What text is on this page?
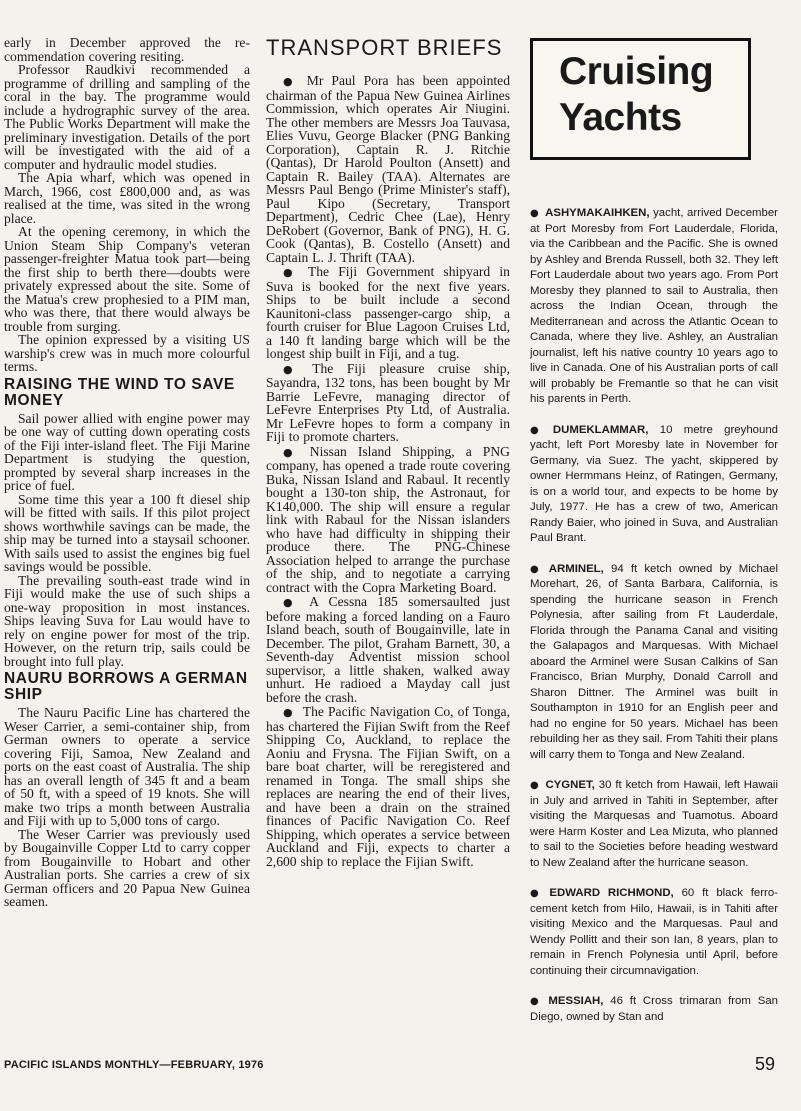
early in December approved the re-commendation covering resiting.

Professor Raudkivi recommended a programme of drilling and sampling of the coral in the bay. The programme would include a hydrographic survey of the area. The Public Works Department will make the preliminary investigation. Details of the port will be investigated with the aid of a computer and hydraulic model studies.

The Apia wharf, which was opened in March, 1966, cost £800,000 and, as was realised at the time, was sited in the wrong place.

At the opening ceremony, in which the Union Steam Ship Company's veteran passenger-freighter Matua took part—being the first ship to berth there—doubts were privately expressed about the site. Some of the Matua's crew prophesied to a PIM man, who was there, that there would always be trouble from surging.

The opinion expressed by a visiting US warship's crew was in much more colourful terms.

RAISING THE WIND TO SAVE MONEY

Sail power allied with engine power may be one way of cutting down operating costs of the Fiji inter-island fleet. The Fiji Marine Department is studying the question, prompted by several sharp increases in the price of fuel.

Some time this year a 100 ft diesel ship will be fitted with sails. If this pilot project shows worthwhile savings can be made, the ship may be turned into a staysail schooner. With sails used to assist the engines big fuel savings would be possible.

The prevailing south-east trade wind in Fiji would make the use of such ships a one-way proposition in most instances. Ships leaving Suva for Lau would have to rely on engine power for most of the trip. However, on the return trip, sails could be brought into full play.

NAURU BORROWS A GERMAN SHIP

The Nauru Pacific Line has chartered the Weser Carrier, a semi-container ship, from German owners to operate a service covering Fiji, Samoa, New Zealand and ports on the east coast of Australia. The ship has an overall length of 345 ft and a beam of 50 ft, with a speed of 19 knots. She will make two trips a month between Australia and Fiji with up to 5,000 tons of cargo.

The Weser Carrier was previously used by Bougainville Copper Ltd to carry copper from Bougainville to Hobart and other Australian ports. She carries a crew of six German officers and 20 Papua New Guinea seamen.

TRANSPORT BRIEFS

● Mr Paul Pora has been appointed chairman of the Papua New Guinea Airlines Commission, which operates Air Niugini. The other members are Messrs Joa Tauvasa, Elies Vuvu, George Blacker (PNG Banking Corporation), Captain R. J. Ritchie (Qantas), Dr Harold Poulton (Ansett) and Captain R. Bailey (TAA). Alternates are Messrs Paul Bengo (Prime Minister's staff), Paul Kipo (Secretary, Transport Department), Cedric Chee (Lae), Henry DeRobert (Governor, Bank of PNG), H. G. Cook (Qantas), B. Costello (Ansett) and Captain L. J. Thrift (TAA).

● The Fiji Government shipyard in Suva is booked for the next five years. Ships to be built include a second Kaunitoni-class passenger-cargo ship, a fourth cruiser for Blue Lagoon Cruises Ltd, a 140 ft landing barge which will be the longest ship built in Fiji, and a tug.

● The Fiji pleasure cruise ship, Sayandra, 132 tons, has been bought by Mr Barrie LeFevre, managing director of LeFevre Enterprises Pty Ltd, of Australia. Mr LeFevre hopes to form a company in Fiji to promote charters.

● Nissan Island Shipping, a PNG company, has opened a trade route covering Buka, Nissan Island and Rabaul. It recently bought a 130-ton ship, the Astronaut, for K140,000. The ship will ensure a regular link with Rabaul for the Nissan islanders who have had difficulty in shipping their produce there. The PNG-Chinese Association helped to arrange the purchase of the ship, and to negotiate a carrying contract with the Copra Marketing Board.

● A Cessna 185 somersaulted just before making a forced landing on a Fauro Island beach, south of Bougainville, late in December. The pilot, Graham Barnett, 30, a Seventh-day Adventist mission school supervisor, a little shaken, walked away unhurt. He radioed a Mayday call just before the crash.

● The Pacific Navigation Co, of Tonga, has chartered the Fijian Swift from the Reef Shipping Co, Auckland, to replace the Aoniu and Frysna. The Fijian Swift, on a bare boat charter, will be reregistered and renamed in Tonga. The small ships she replaces are nearing the end of their lives, and have been a drain on the strained finances of Pacific Navigation Co. Reef Shipping, which operates a service between Auckland and Fiji, expects to charter a 2,600 ship to replace the Fijian Swift.

Cruising
Yachts

● ASHYMAKAIHKEN, yacht, arrived December at Port Moresby from Fort Lauderdale, Florida, via the Caribbean and the Pacific. She is owned by Ashley and Brenda Russell, both 32. They left Fort Lauderdale about two years ago. From Port Moresby they planned to sail to Australia, then across the Indian Ocean, through the Mediterranean and across the Atlantic Ocean to Canada, where they live. Ashley, an Australian journalist, left his native country 10 years ago to live in Canada. One of his Australian ports of call will probably be Fremantle so that he can visit his parents in Perth.

● DUMEKLAMMAR, 10 metre greyhound yacht, left Port Moresby late in November for Germany, via Suez. The yacht, skippered by owner Hermmans Heinz, of Ratingen, Germany, is on a world tour, and expects to be home by July, 1977. He has a crew of two, American Randy Baier, who joined in Suva, and Australian Paul Brant.

● ARMINEL, 94 ft ketch owned by Michael Morehart, 26, of Santa Barbara, California, is spending the hurricane season in French Polynesia, after sailing from Ft Lauderdale, Florida through the Panama Canal and visiting the Galapagos and Marquesas. With Michael aboard the Arminel were Susan Calkins of San Francisco, Brian Murphy, Donald Carroll and Sharon Dittner. The Arminel was built in Southampton in 1910 for an English peer and had no engine for 50 years. Michael has been rebuilding her as they sail. From Tahiti their plans will carry them to Tonga and New Zealand.

● CYGNET, 30 ft ketch from Hawaii, left Hawaii in July and arrived in Tahiti in September, after visiting the Marquesas and Tuamotus. Aboard were Harm Koster and Lea Mizuta, who planned to sail to the Societies before heading westward to New Zealand after the hurricane season.

● EDWARD RICHMOND, 60 ft black ferro-cement ketch from Hilo, Hawaii, is in Tahiti after visiting Mexico and the Marquesas. Paul and Wendy Pollitt and their son Ian, 8 years, plan to remain in French Polynesia until April, before continuing their circumnavigation.

● MESSIAH, 46 ft Cross trimaran from San Diego, owned by Stan and

PACIFIC ISLANDS MONTHLY—FEBRUARY, 1976	59
